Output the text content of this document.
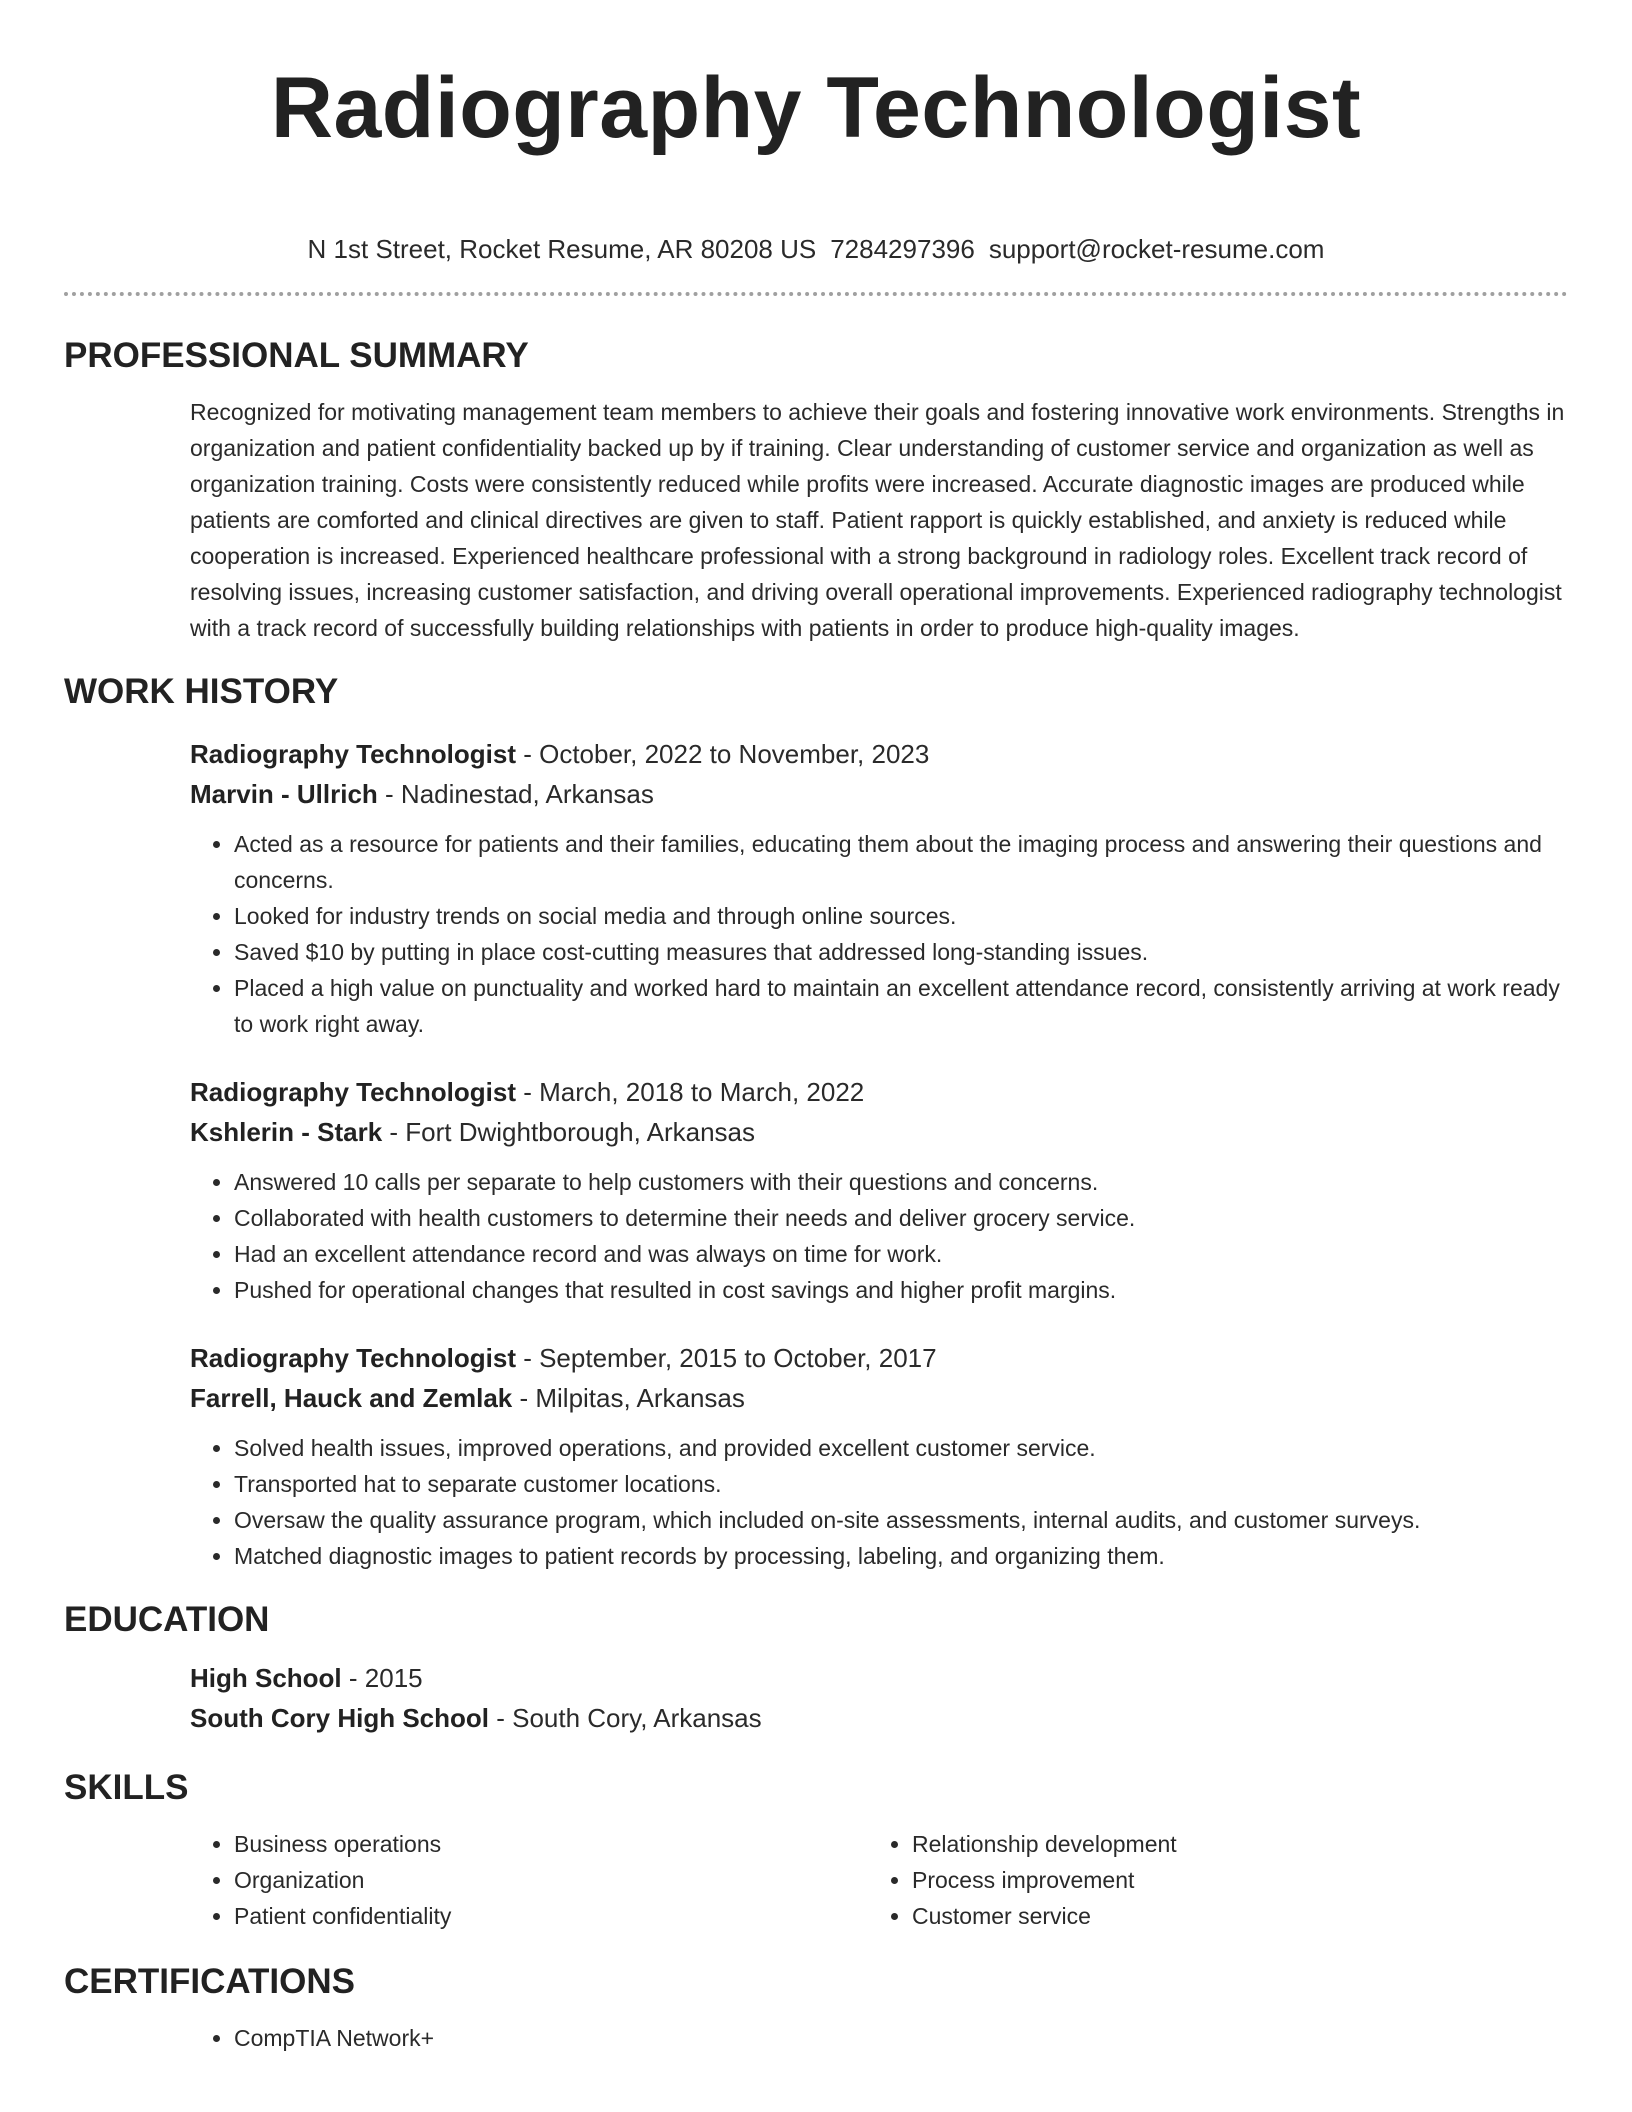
Radiography Technologist
N 1st Street, Rocket Resume, AR 80208 US 7284297396 support@rocket-resume.com
PROFESSIONAL SUMMARY

Recognized for motivating management team members to achieve their goals and fostering innovative work environments. Strengths in organization and patient confidentiality backed up by if training. Clear understanding of customer service and organization as well as organization training. Costs were consistently reduced while profits were increased. Accurate diagnostic images are produced while patients are comforted and clinical directives are given to staff. Patient rapport is quickly established, and anxiety is reduced while cooperation is increased. Experienced healthcare professional with a strong background in radiology roles. Excellent track record of resolving issues, increasing customer satisfaction, and driving overall operational improvements. Experienced radiography technologist with a track record of successfully building relationships with patients in order to produce high-quality images.

WORK HISTORY
Radiography Technologist - October, 2022 to November, 2023
Marvin - Ullrich - Nadinestad, Arkansas
• Acted as a resource for patients and their families, educating them about the imaging process and answering their questions and concerns.
• Looked for industry trends on social media and through online sources.
• Saved $10 by putting in place cost-cutting measures that addressed long-standing issues.
• Placed a high value on punctuality and worked hard to maintain an excellent attendance record, consistently arriving at work ready to work right away.
Radiography Technologist - March, 2018 to March, 2022
Kshlerin - Stark - Fort Dwightborough, Arkansas
• Answered 10 calls per separate to help customers with their questions and concerns.
• Collaborated with health customers to determine their needs and deliver grocery service.
• Had an excellent attendance record and was always on time for work.
• Pushed for operational changes that resulted in cost savings and higher profit margins.
Radiography Technologist - September, 2015 to October, 2017
Farrell, Hauck and Zemlak - Milpitas, Arkansas
• Solved health issues, improved operations, and provided excellent customer service.
• Transported hat to separate customer locations.
• Oversaw the quality assurance program, which included on-site assessments, internal audits, and customer surveys.
• Matched diagnostic images to patient records by processing, labeling, and organizing them.
EDUCATION
High School - 2015
South Cory High School - South Cory, Arkansas
SKILLS
• Business operations
• Organization
• Patient confidentiality
• Relationship development
• Process improvement
• Customer service
CERTIFICATIONS
• CompTIA Network+
